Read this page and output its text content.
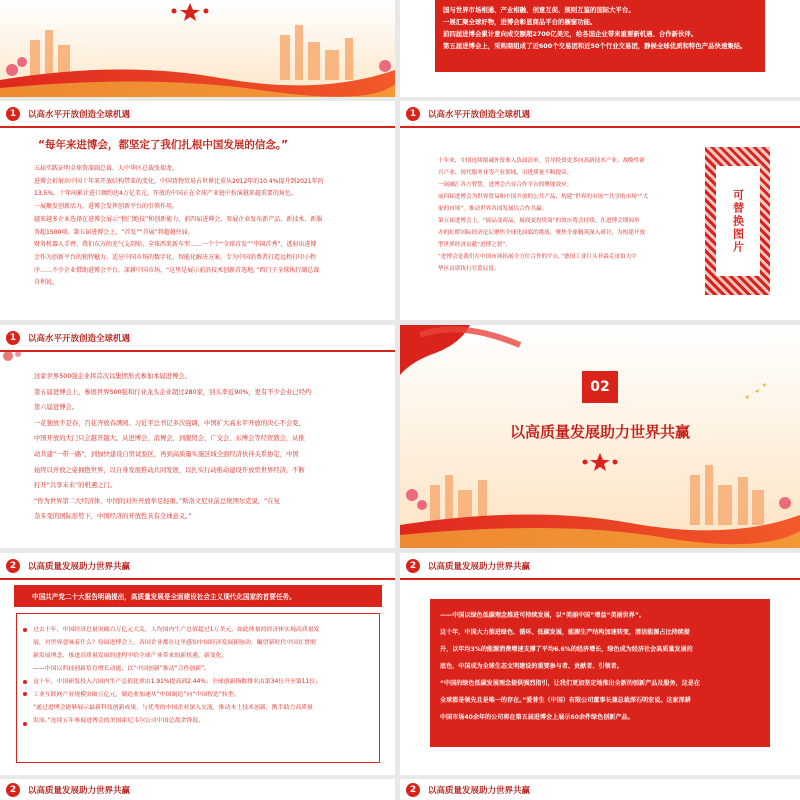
国与世界市场相通、产业相融、创意互促、规则互鉴的国际大平台。

一展汇聚全球好物，进博会彰显商品平台的橱窗功能。

前四届进博会累计意向成交额超2700亿美元，给各国企业带来重要新机遇、合作新伙伴。

第五届进博会上，采购商组成了近600个交易团和近50个行业交易团，静候全球优质和特色产品快速集结。

1	以高水平开放创造全球机遇
“每年来进博会，都坚定了我们扎根中国发展的信念。”

五届实践证明全球资深副总裁、大中华区总裁张瑞龙。

进博会折射出中国十年来开放结构带来的变化。中国货物贸易占世界比重从2012年的10.4%提升到2021年的

13.5%，十年间累计进口额约达4万亿美元。开放的中国正在全球产业链中扮演越来越重要的角色。

一展聚发创新活力，进博会发挥创新平台的引领作用。

越来越多企业选择在进博会展示“独门绝技”和创新能力，前四届进博会，参展企业发布新产品、新技术、新服

务超1500项。第五届进博会上，“首发”“首展”将超越往届。

财务机器人手臂、我们东方的充气支刮贴、全球西来新车型……一个个“全球首发”“中国首秀”，透射出进博

会作为创新平台的独特魅力。适应中国市场的数字化、智能化解决方案，专为中国消费者打造远程打印小程

序……不少企业借助进博会平台，深耕中国市场。“这里是展示前沿技术创新首选地。”西门子全球执行副总裁

肯利说。

1	以高水平开放创造全球机遇

十年来，中国连续缩减外资准入负面清单，引导投资更多向高新技术产业、战略性新

兴产业、现代服务业等产业领域，引进质量不断提高。

一展融汇各方智慧，进博会凸显合作平台的聚能效应。

前四届进博会为世界贸易和中国开放的公共产品，构建“世界的市场”“共享的市场”“大

家的市场”，推动世界各国发展以合作共赢。

第五届进博会上，“展品变商品，展商变投资商”的效应将会持续，在进博会期间举

办的虹桥国际经济论坛聚焦全球化面临的挑战，聚焦全球精英深入研讨，为构建开放

型世界经济贡献“进博之智”。

“进博会是我们在中国市场拓展全方位合作的平台。”德国工业巨头菲森克虏伯大中

华区首席执行官葛辰说。

可替换图片
1	以高水平开放创造全球机遇

这家世界500强企业将首次以集团形式参加本届进博会。

第五届进博会上，参展世界500强和行业龙头企业超过280家，回头率近90%，更有不少企业已经约

第六届进博会。

一花独放不是春，百花齐放春满园。习近平总书记多次强调，中国扩大高水平开放的决心不会变，

中国开放的大门只会越开越大。从进博会、消博会，到服贸会、广交会、东博会等经贸盛会，从推

动共建“一带一路”，到加快建设自贸试验区，再到高质量实施区域全面经济伙伴关系协定，中国

始终以开放之姿拥抱世界，以自身发展推动共同发展，以扎实行动推动建设开放型世界经济，不断

打开“共享未来”的机遇之门。

“作为世界第二大经济体，中国的对外开放举足轻重。”斯洛文尼亚前总统图尔克说，“在复

杂多变的国际形势下，中国经济的开放性具有全球意义。”

02
以高质量发展助力世界共赢
2	以高质量发展助力世界共赢
中国共产党二十大报告明确提出，高质量发展是全面建设社会主义现代化国家的首要任务。

过去十年，中国经济总量突破百万亿元大关，人均国内生产总值超过1万美元。如此体量的经济体实现高质量发

展，对世界意味着什么？每届进博会上，各国企业都在这里感知中国经济发展新脉动，瞩望新时代中国在贯彻

新发展理念、推进高质量发展的进程中给全球产业带来的新机遇、新变化。

——中国以科技创新培育增长动能，以“中国创新”推动“合作创新”。

这十年，中国研发投入占国内生产总值比重由1.91%提高到2.44%；全球创新指数排名由第34位升至第11位；

工业互联网产业规模突破万亿元，制造业加速从“中国制造”向“中国智造”转型。

“通过进博会能够展示最新科技创新成果，与优秀的中国企业深入交流，推动本土技术创新，携手助力高质量

发展。”连续五年参展进博会的美国霍尼韦尔公司中国总裁余锋说。

2	以高质量发展助力世界共赢

——中国以绿色低碳理念推进可持续发展，以“美丽中国”增益“美丽世界”。

这十年，中国大力推进绿色、循环、低碳发展，能源生产结构加速转变，清洁能源占比持续提

升，以年均3%的能源消费增速支撑了平均6.6%的经济增长，绿色成为经济社会高质量发展的

底色，中国成为全球生态文明建设的重要参与者、贡献者、引领者。

“中国的绿色低碳发展理念提供强烈指引，让我们更加坚定地推出全新的创新产品及服务，这是在

全球都是领先且是唯一的存在。”爱普生（中国）有限公司董事长兼总裁深石明宏说。这家深耕

中国市场40余年的公司将在第五届进博会上展示60余件绿色创新产品。

2	以高质量发展助力世界共赢	2	以高质量发展助力世界共赢
